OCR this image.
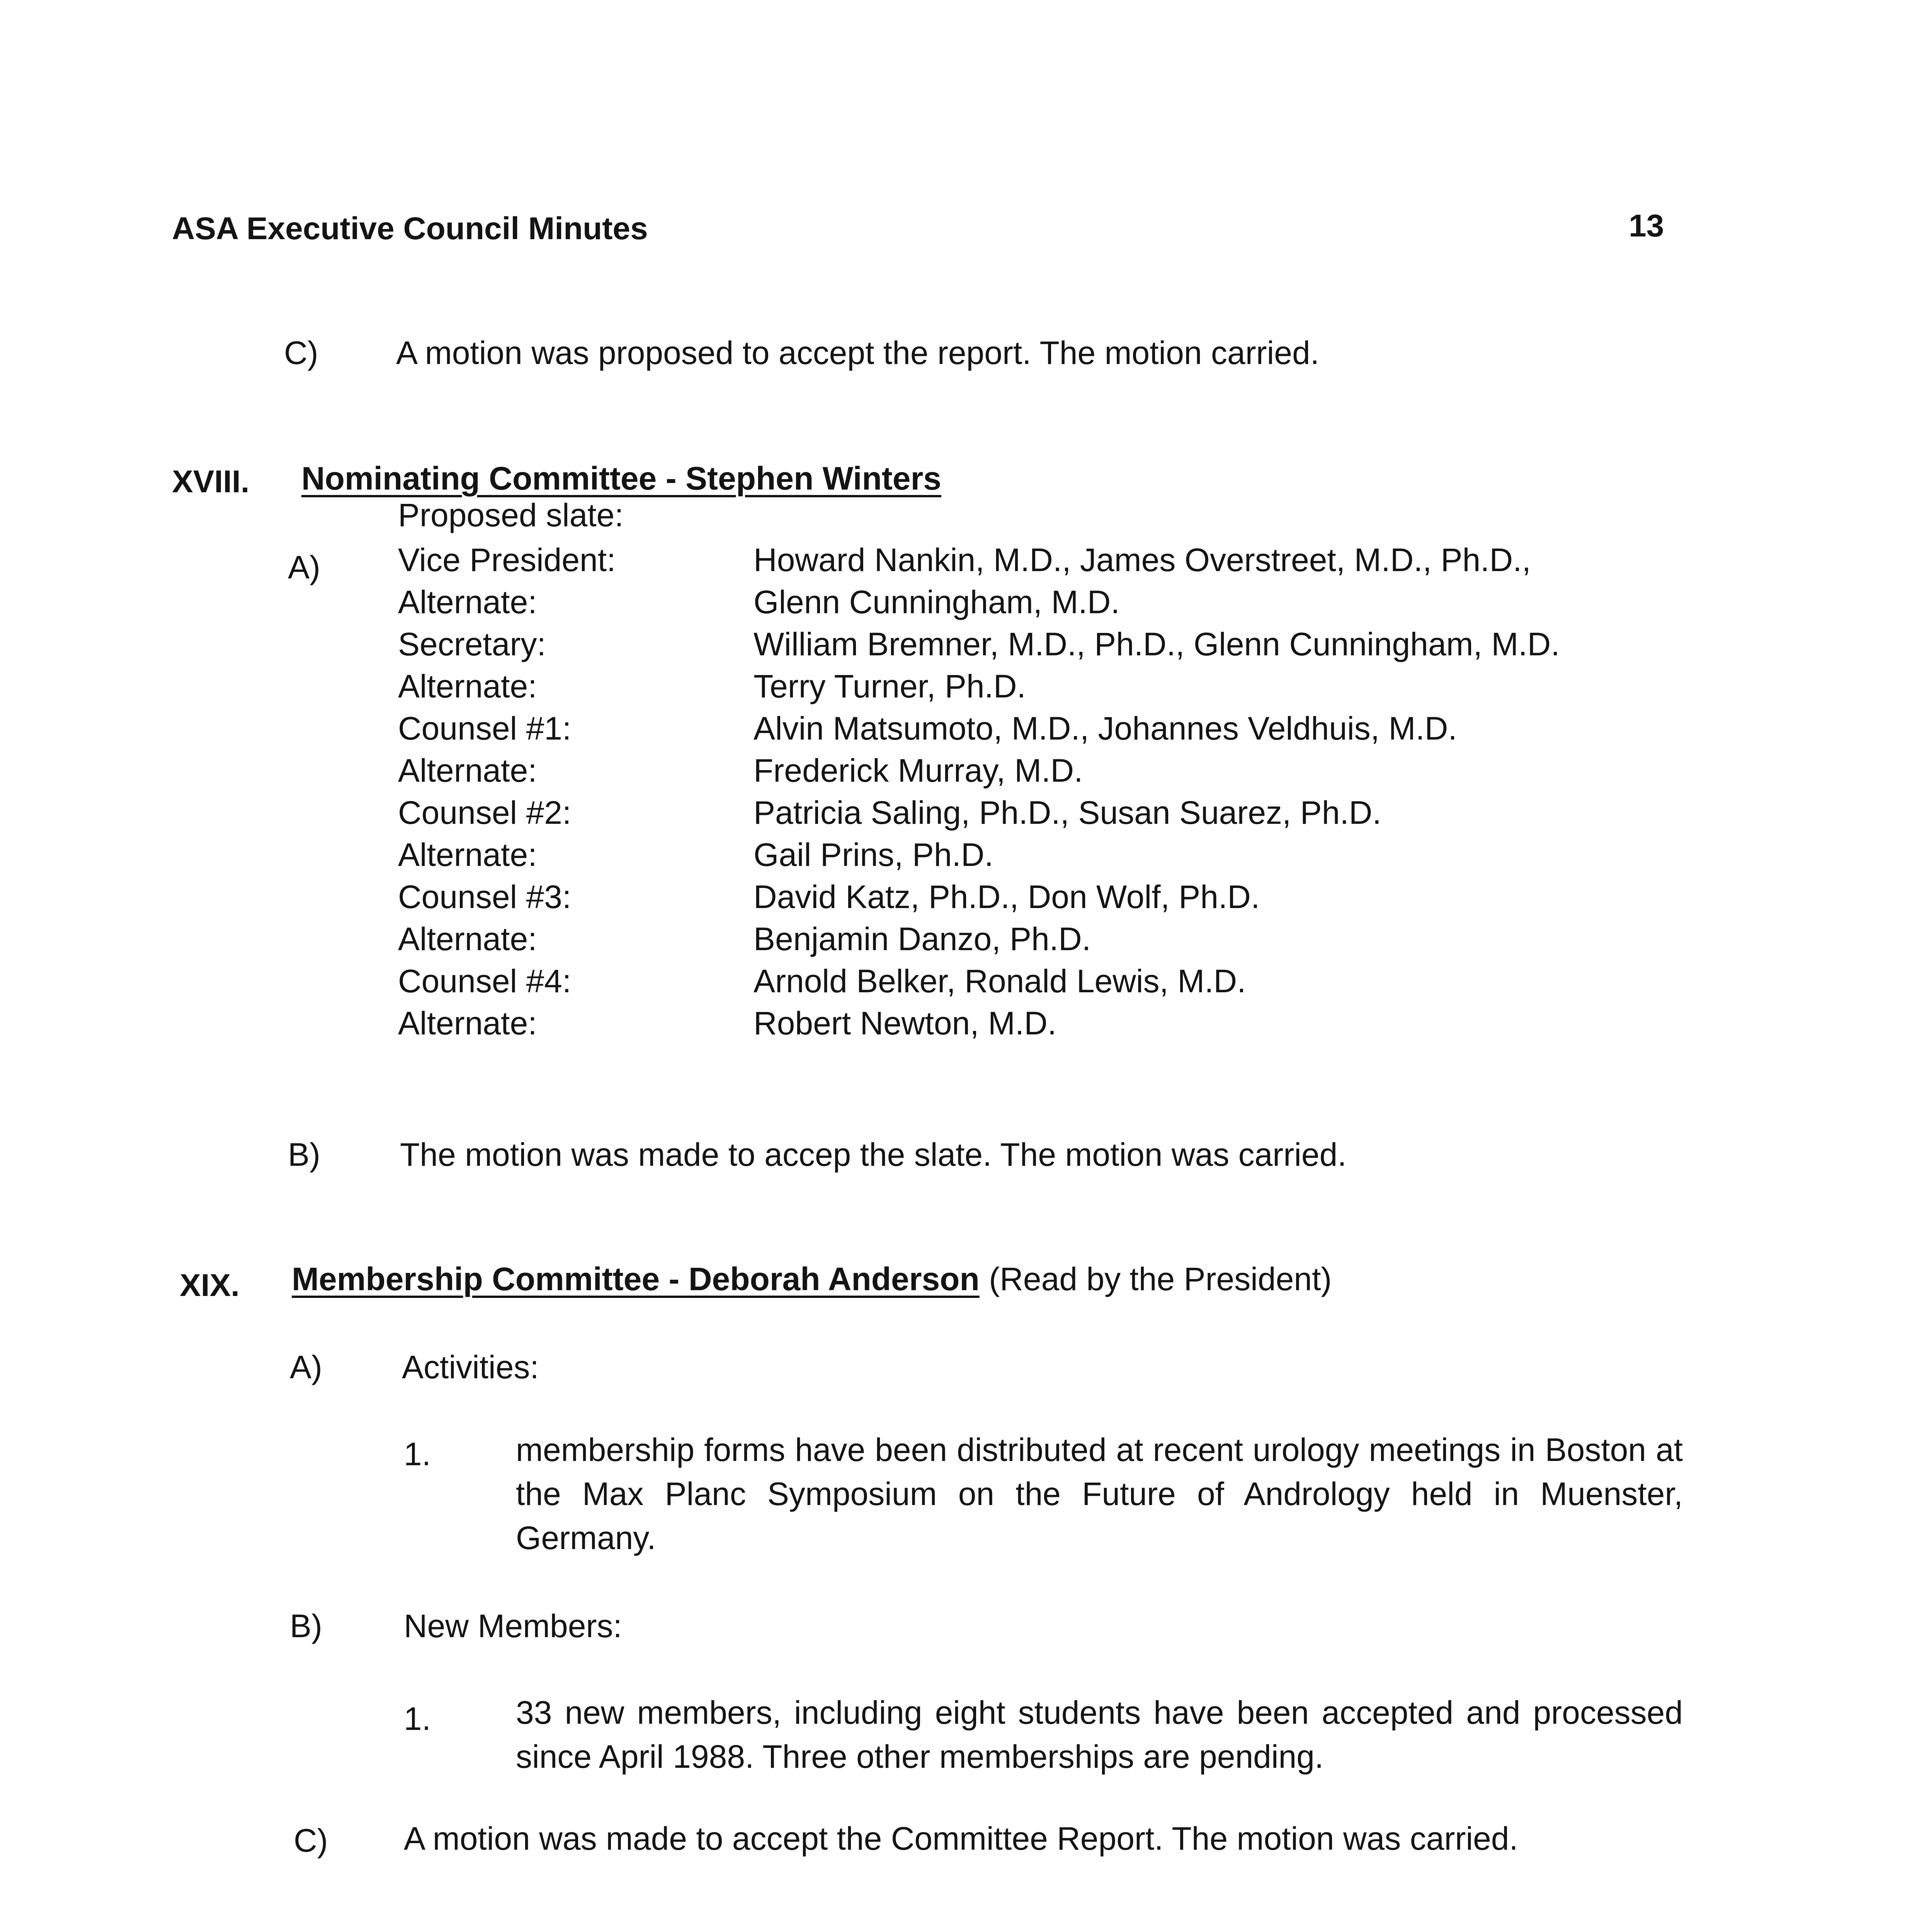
ASA Executive Council Minutes	13
C) A motion was proposed to accept the report. The motion carried.
XVIII. Nominating Committee - Stephen Winters
A)
Proposed slate:
Vice President:	Howard Nankin, M.D., James Overstreet, M.D., Ph.D.,
Alternate:	Glenn Cunningham, M.D.
Secretary:	William Bremner, M.D., Ph.D., Glenn Cunningham, M.D.
Alternate:	Terry Turner, Ph.D.
Counsel #1:	Alvin Matsumoto, M.D., Johannes Veldhuis, M.D.
Alternate:	Frederick Murray, M.D.
Counsel #2:	Patricia Saling, Ph.D., Susan Suarez, Ph.D.
Alternate:	Gail Prins, Ph.D.
Counsel #3:	David Katz, Ph.D., Don Wolf, Ph.D.
Alternate:	Benjamin Danzo, Ph.D.
Counsel #4:	Arnold Belker, Ronald Lewis, M.D.
Alternate:	Robert Newton, M.D.
B) The motion was made to accep the slate. The motion was carried.
XIX. Membership Committee - Deborah Anderson (Read by the President)
A) Activities:
1.	membership forms have been distributed at recent urology meetings in Boston at the Max Planc Symposium on the Future of Andrology held in Muenster, Germany.
B)	New Members:
1.	33 new members, including eight students have been accepted and processed since April 1988. Three other memberships are pending.
C) A motion was made to accept the Committee Report. The motion was carried.
